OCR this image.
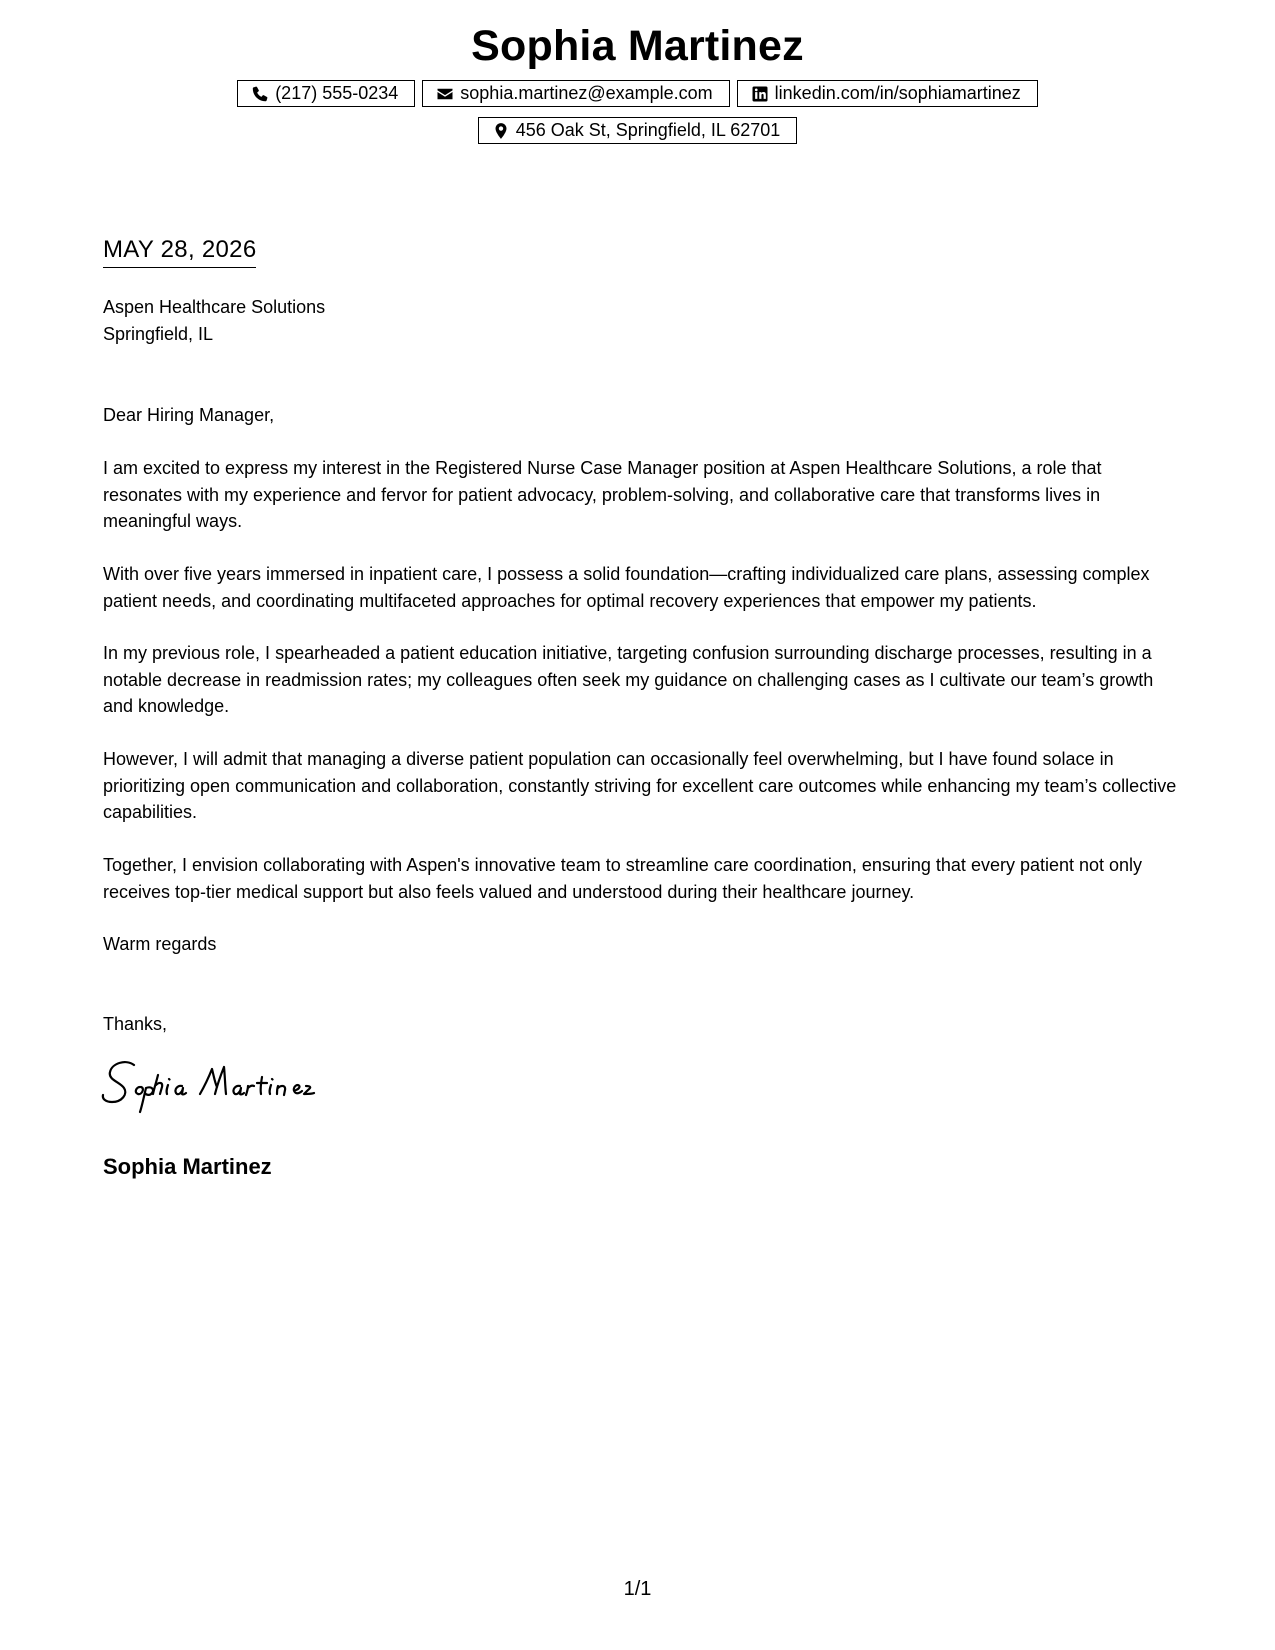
Sophia Martinez
(217) 555-0234	sophia.martinez@example.com	linkedin.com/in/sophiamartinez
456 Oak St, Springfield, IL 62701
MAY 28, 2026
Aspen Healthcare Solutions
Springfield, IL
Dear Hiring Manager,

I am excited to express my interest in the Registered Nurse Case Manager position at Aspen Healthcare Solutions, a role that resonates with my experience and fervor for patient advocacy, problem-solving, and collaborative care that transforms lives in meaningful ways.

With over five years immersed in inpatient care, I possess a solid foundation—crafting individualized care plans, assessing complex patient needs, and coordinating multifaceted approaches for optimal recovery experiences that empower my patients.

In my previous role, I spearheaded a patient education initiative, targeting confusion surrounding discharge processes, resulting in a notable decrease in readmission rates; my colleagues often seek my guidance on challenging cases as I cultivate our team’s growth and knowledge.

However, I will admit that managing a diverse patient population can occasionally feel overwhelming, but I have found solace in prioritizing open communication and collaboration, constantly striving for excellent care outcomes while enhancing my team’s collective capabilities.

Together, I envision collaborating with Aspen's innovative team to streamline care coordination, ensuring that every patient not only receives top-tier medical support but also feels valued and understood during their healthcare journey.

Warm regards
Thanks,
Sophia Martinez
1/1
